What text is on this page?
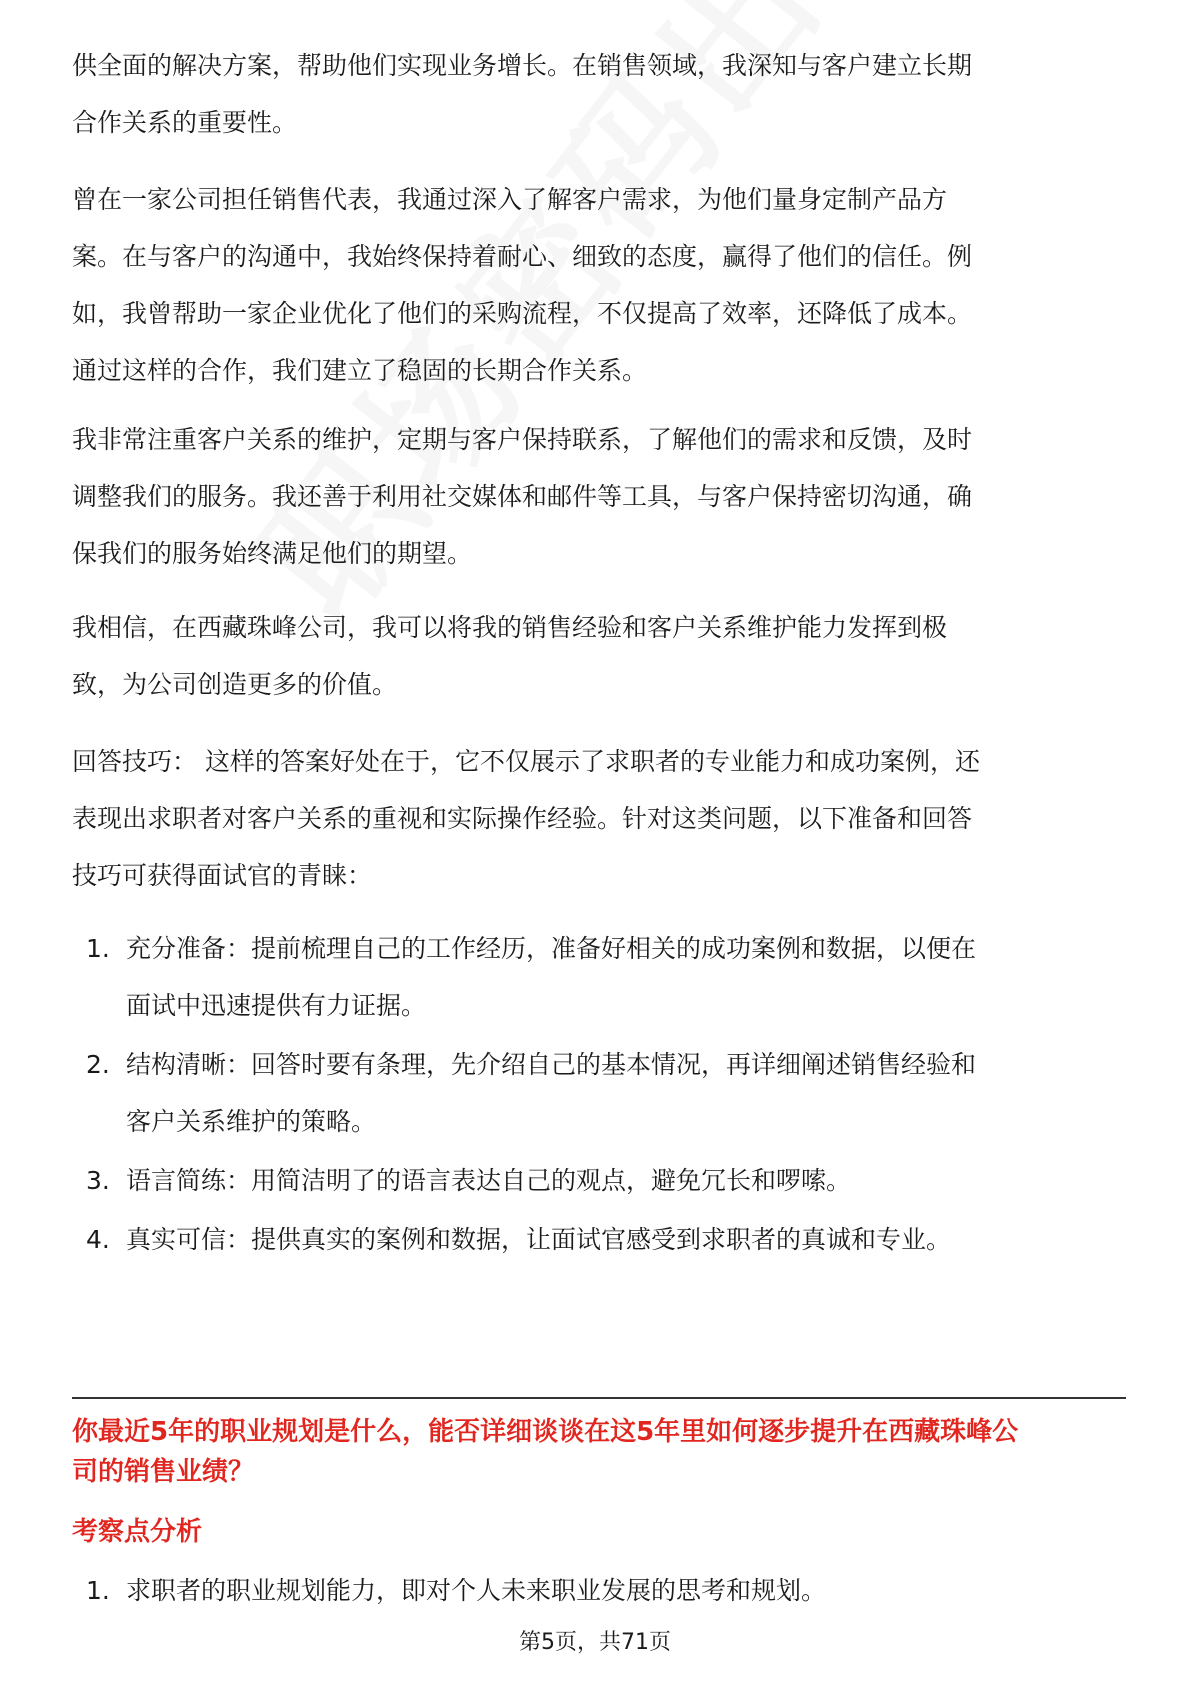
供全面的解决方案，帮助他们实现业务增长。在销售领域，我深知与客户建立长期
合作关系的重要性。
曾在一家公司担任销售代表，我通过深入了解客户需求，为他们量身定制产品方
案。在与客户的沟通中，我始终保持着耐心、细致的态度，赢得了他们的信任。例
如，我曾帮助一家企业优化了他们的采购流程，不仅提高了效率，还降低了成本。
通过这样的合作，我们建立了稳固的长期合作关系。
我非常注重客户关系的维护，定期与客户保持联系，了解他们的需求和反馈，及时
调整我们的服务。我还善于利用社交媒体和邮件等工具，与客户保持密切沟通，确
保我们的服务始终满足他们的期望。
我相信，在西藏珠峰公司，我可以将我的销售经验和客户关系维护能力发挥到极
致，为公司创造更多的价值。
回答技巧： 这样的答案好处在于，它不仅展示了求职者的专业能力和成功案例，还
表现出求职者对客户关系的重视和实际操作经验。针对这类问题，以下准备和回答
技巧可获得面试官的青睐：
1. 充分准备：提前梳理自己的工作经历，准备好相关的成功案例和数据，以便在
面试中迅速提供有力证据。
2. 结构清晰：回答时要有条理，先介绍自己的基本情况，再详细阐述销售经验和
客户关系维护的策略。
3. 语言简练：用简洁明了的语言表达自己的观点，避免冗长和啰嗦。
4. 真实可信：提供真实的案例和数据，让面试官感受到求职者的真诚和专业。
你最近5年的职业规划是什么，能否详细谈谈在这5年里如何逐步提升在西藏珠峰公
司的销售业绩？
考察点分析
1. 求职者的职业规划能力，即对个人未来职业发展的思考和规划。
第5页，共71页
